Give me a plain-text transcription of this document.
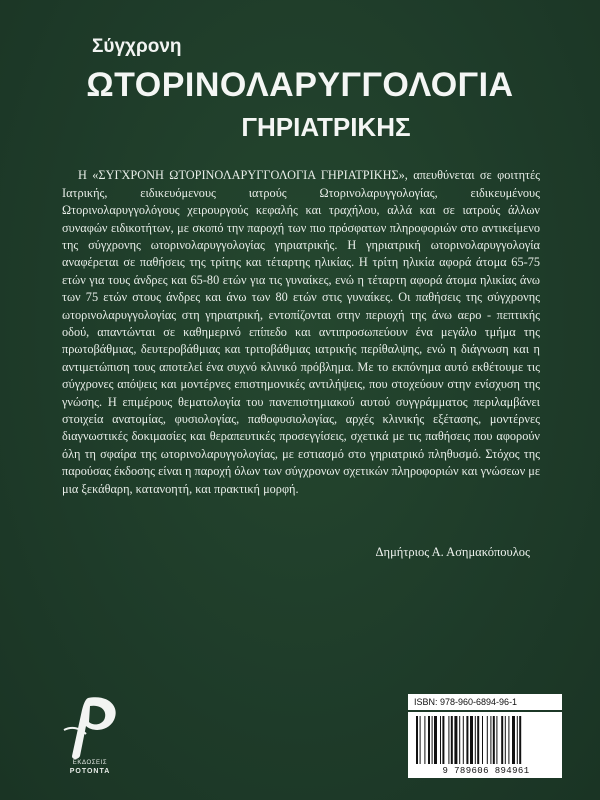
Σύγχρονη
ΩΤΟΡΙΝΟΛΑΡΥΓΓΟΛΟΓΙΑ
ΓΗΡΙΑΤΡΙΚΗΣ

Η «ΣΥΓΧΡΟΝΗ ΩΤΟΡΙΝΟΛΑΡΥΓΓΟΛΟΓΙΑ ΓΗΡΙΑΤΡΙΚΗΣ», απευθύνεται σε φοιτητές Ιατρικής, ειδικευόμενους ιατρούς Ωτορινολαρυγγολογίας, ειδικευμένους Ωτορινολαρυγγολόγους χειρουργούς κεφαλής και τραχήλου, αλλά και σε ιατρούς άλλων συναφών ειδικοτήτων, με σκοπό την παροχή των πιο πρόσφατων πληροφοριών στο αντικείμενο της σύγχρονης ωτορινολαρυγγολογίας γηριατρικής. Η γηριατρική ωτορινολαρυγγολογία αναφέρεται σε παθήσεις της τρίτης και τέταρτης ηλικίας. Η τρίτη ηλικία αφορά άτομα 65-75 ετών για τους άνδρες και 65-80 ετών για τις γυναίκες, ενώ η τέταρτη αφορά άτομα ηλικίας άνω των 75 ετών στους άνδρες και άνω των 80 ετών στις γυναίκες. Οι παθήσεις της σύγχρονης ωτορινολαρυγγολογίας στη γηριατρική, εντοπίζονται στην περιοχή της άνω αερο - πεπτικής οδού, απαντώνται σε καθημερινό επίπεδο και αντιπροσωπεύουν ένα μεγάλο τμήμα της πρωτοβάθμιας, δευτεροβάθμιας και τριτοβάθμιας ιατρικής περίθαλψης, ενώ η διάγνωση και η αντιμετώπιση τους αποτελεί ένα συχνό κλινικό πρόβλημα. Με το εκπόνημα αυτό εκθέτουμε τις σύγχρονες απόψεις και μοντέρνες επιστημονικές αντιλήψεις, που στοχεύουν στην ενίσχυση της γνώσης. Η επιμέρους θεματολογία του πανεπιστημιακού αυτού συγγράμματος περιλαμβάνει στοιχεία ανατομίας, φυσιολογίας, παθοφυσιολογίας, αρχές κλινικής εξέτασης, μοντέρνες διαγνωστικές δοκιμασίες και θεραπευτικές προσεγγίσεις, σχετικά με τις παθήσεις που αφορούν όλη τη σφαίρα της ωτορινολαρυγγολογίας, με εστιασμό στο γηριατρικό πληθυσμό. Στόχος της παρούσας έκδοσης είναι η παροχή όλων των σύγχρονων σχετικών πληροφοριών και γνώσεων με μια ξεκάθαρη, κατανοητή, και πρακτική μορφή.

Δημήτριος Α. Ασημακόπουλος
ΕΚΔΟΣΕΙΣ
ΡΟΤΟΝΤΑ
ISBN: 978-960-6894-96-1
9 789606 894961
